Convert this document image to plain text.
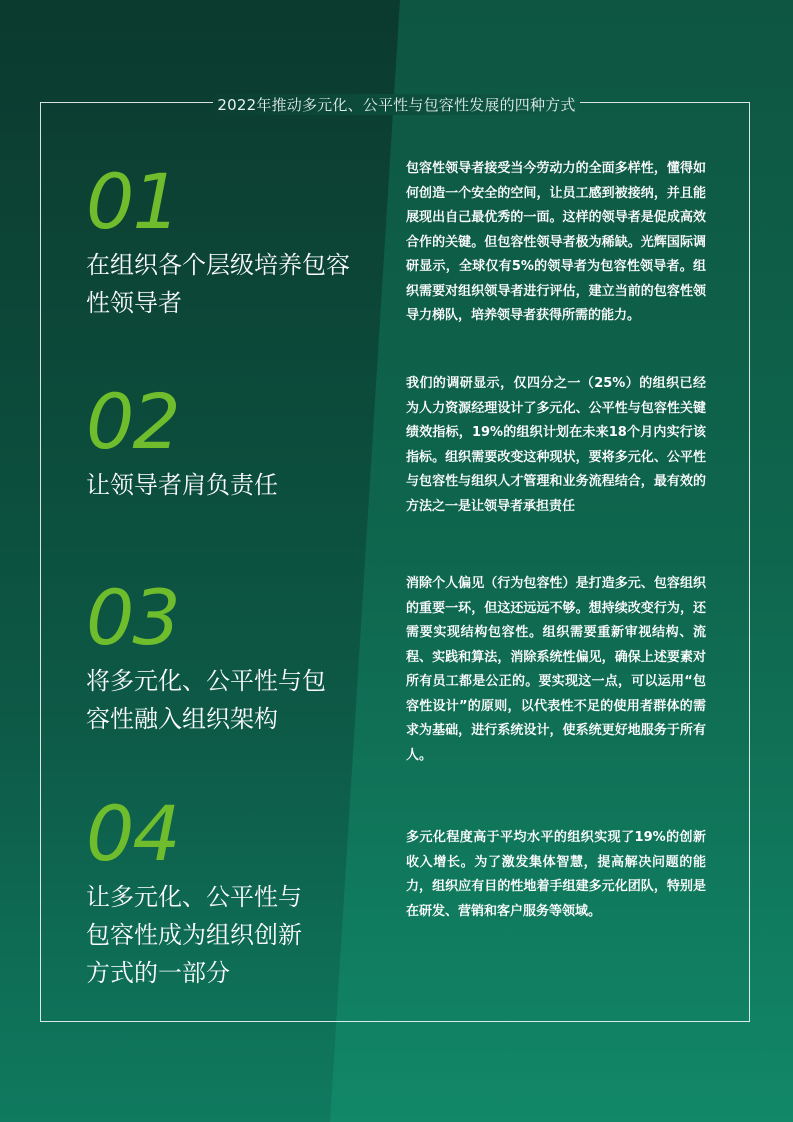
2022年推动多元化、公平性与包容性发展的四种方式
01
在组织各个层级培养包容性领导者
包容性领导者接受当今劳动力的全面多样性，懂得如何创造一个安全的空间，让员工感到被接纳，并且能展现出自己最优秀的一面。这样的领导者是促成高效合作的关键。但包容性领导者极为稀缺。光辉国际调研显示，全球仅有5%的领导者为包容性领导者。组织需要对组织领导者进行评估，建立当前的包容性领导力梯队，培养领导者获得所需的能力。
02
让领导者肩负责任
我们的调研显示，仅四分之一（25%）的组织已经为人力资源经理设计了多元化、公平性与包容性关键绩效指标，19%的组织计划在未来18个月内实行该指标。组织需要改变这种现状，要将多元化、公平性与包容性与组织人才管理和业务流程结合，最有效的方法之一是让领导者承担责任
03
将多元化、公平性与包容性融入组织架构
消除个人偏见（行为包容性）是打造多元、包容组织的重要一环，但这还远远不够。想持续改变行为，还需要实现结构包容性。组织需要重新审视结构、流程、实践和算法，消除系统性偏见，确保上述要素对所有员工都是公正的。要实现这一点，可以运用“包容性设计”的原则，以代表性不足的使用者群体的需求为基础，进行系统设计，使系统更好地服务于所有人。
04
让多元化、公平性与包容性成为组织创新方式的一部分
多元化程度高于平均水平的组织实现了19%的创新收入增长。为了激发集体智慧，提高解决问题的能力，组织应有目的性地着手组建多元化团队，特别是在研发、营销和客户服务等领域。
